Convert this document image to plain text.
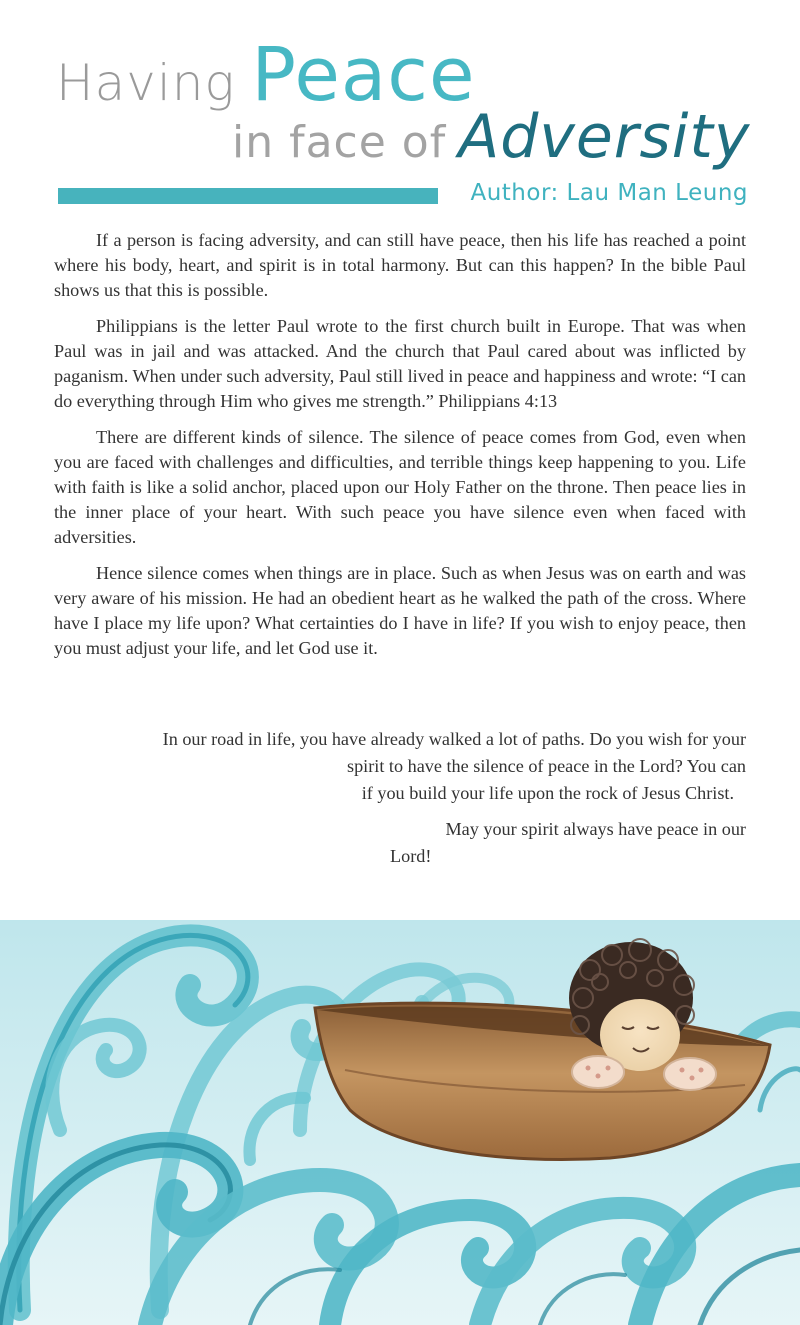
Having Peace
in face of Adversity
Author: Lau Man Leung

If a person is facing adversity, and can still have peace, then his life has reached a point where his body, heart, and spirit is in total harmony. But can this happen? In the bible Paul shows us that this is possible.

Philippians is the letter Paul wrote to the first church built in Europe. That was when Paul was in jail and was attacked. And the church that Paul cared about was inflicted by paganism. When under such adversity, Paul still lived in peace and happiness and wrote: “I can do everything through Him who gives me strength.” Philippians 4:13

There are different kinds of silence. The silence of peace comes from God, even when you are faced with challenges and difficulties, and terrible things keep happening to you. Life with faith is like a solid anchor, placed upon our Holy Father on the throne. Then peace lies in the inner place of your heart. With such peace you have silence even when faced with adversities.

Hence silence comes when things are in place. Such as when Jesus was on earth and was very aware of his mission. He had an obedient heart as he walked the path of the cross. Where have I place my life upon? What certainties do I have in life? If you wish to enjoy peace, then you must adjust your life, and let God use it.

In our road in life, you have already walked a lot of paths. Do you wish for your
spirit to have the silence of peace in the Lord? You can
if you build your life upon the rock of Jesus Christ.
May your spirit always have peace in our
Lord!
